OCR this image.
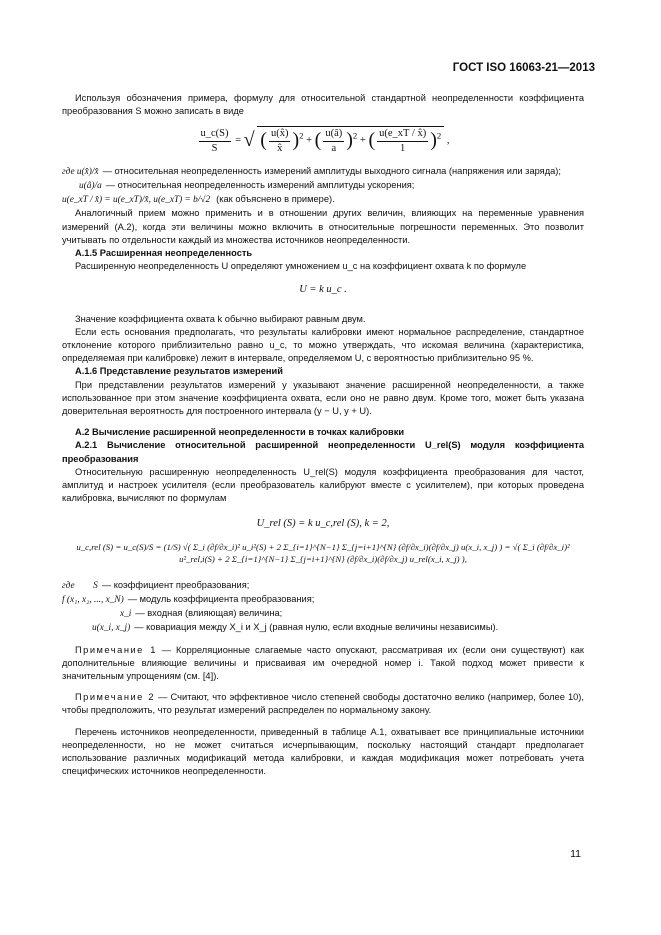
ГОСТ ISO 16063-21—2013

Используя обозначения примера, формулу для относительной стандартной неопределенности коэффициента преобразования S можно записать в виде

$\frac{u\_c(S)}{S}$ = √ ( $\frac{u(x̂)}{x̂} )^2$ + ( $\frac{u(â)}{a} )^2$ + ( $\frac{u(e\_xT / x̂)}{1} )^2$ ,
где u(x̂)/x̂ — относительная неопределенность измерений амплитуды выходного сигнала (напряжения или заряда);
u(â)/a — относительная неопределенность измерений амплитуды ускорения;
u(e_xT / x̂) = u(e_xT)/x̂, u(e_xT) = b/√2 (как объяснено в примере).

Аналогичный прием можно применить и в отношении других величин, влияющих на переменные уравнения измерений (А.2), когда эти величины можно включить в относительные погрешности переменных. Это позволит учитывать по отдельности каждый из множества источников неопределенности.

А.1.5 Расширенная неопределенность

Расширенную неопределенность U определяют умножением u_c на коэффициент охвата k по формуле

U = k u_c .

Значение коэффициента охвата k обычно выбирают равным двум.

Если есть основания предполагать, что результаты калибровки имеют нормальное распределение, стандартное отклонение которого приблизительно равно u_c, то можно утверждать, что искомая величина (характеристика, определяемая при калибровке) лежит в интервале, определяемом U, с вероятностью приблизительно 95 %.

А.1.6 Представление результатов измерений

При представлении результатов измерений y указывают значение расширенной неопределенности, а также использованное при этом значение коэффициента охвата, если оно не равно двум. Кроме того, может быть указана доверительная вероятность для построенного интервала (y − U, y + U).

А.2 Вычисление расширенной неопределенности в точках калибровки

А.2.1 Вычисление относительной расширенной неопределенности U_rel(S) модуля коэффициента преобразования

Относительную расширенную неопределенность U_rel(S) модуля коэффициента преобразования для частот, амплитуд и настроек усилителя (если преобразователь калибруют вместе с усилителем), при которых проведена калибровка, вычисляют по формулам

U_rel (S) = k u_c,rel (S), k = 2,
u_c,rel (S) = u_c(S)/S = (1/S) √( Σ_i (∂f/∂x_i)² u_i²(S) + 2 Σ_{i=1}^{N−1} Σ_{j=i+1}^{N} (∂f/∂x_i)(∂f/∂x_j) u(x_i, x_j) ) = √( Σ_i (∂f/∂x_i)² u²_rel,i(S) + 2 Σ_{i=1}^{N−1} Σ_{j=i+1}^{N} (∂f/∂x_i)(∂f/∂x_j) u_rel(x_i, x_j) ),
где        S — коэффициент преобразования;
f (x₁, x₂, ..., x_N) — модуль коэффициента преобразования;
x_i — входная (влияющая) величина;
u(x_i, x_j) — ковариация между X_i и X_j (равная нулю, если входные величины независимы).

Примечание 1 — Корреляционные слагаемые часто опускают, рассматривая их (если они существуют) как дополнительные влияющие величины и присваивая им очередной номер i. Такой подход может привести к значительным упрощениям (см. [4]).

Примечание 2 — Считают, что эффективное число степеней свободы достаточно велико (например, более 10), чтобы предположить, что результат измерений распределен по нормальному закону.

Перечень источников неопределенности, приведенный в таблице А.1, охватывает все принципиальные источники неопределенности, но не может считаться исчерпывающим, поскольку настоящий стандарт предполагает использование различных модификаций метода калибровки, и каждая модификация может потребовать учета специфических источников неопределенности.

11
